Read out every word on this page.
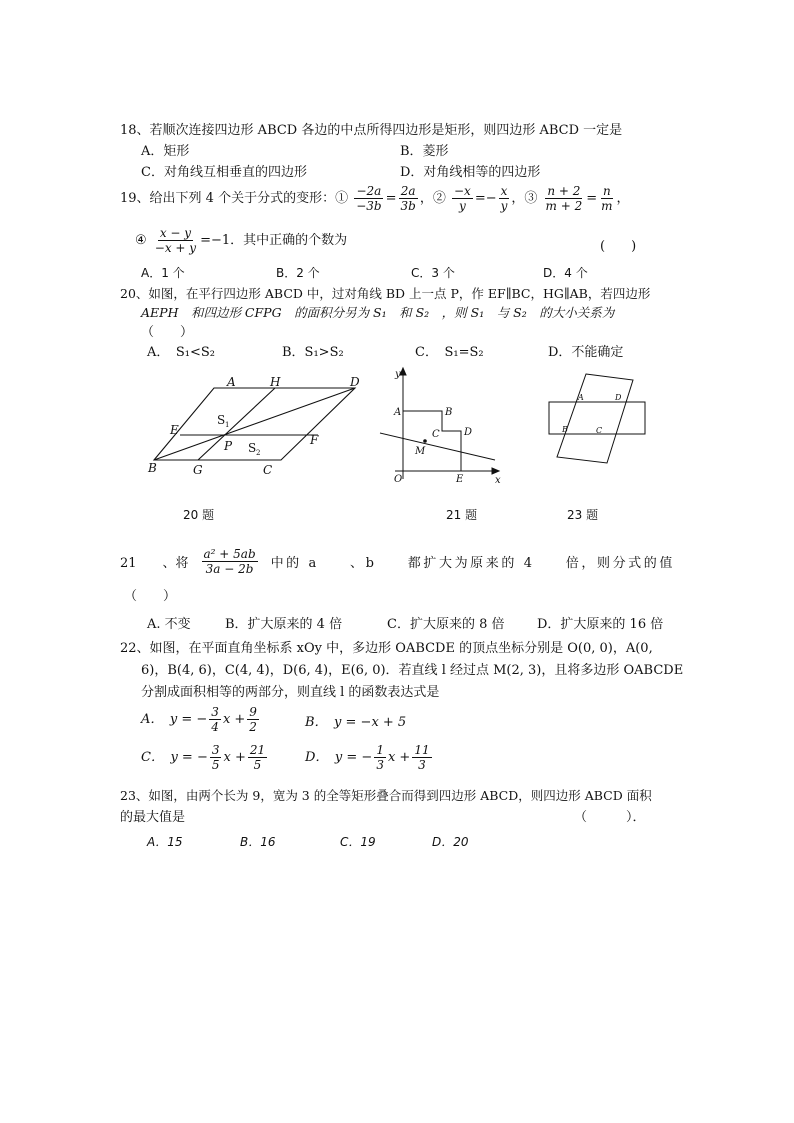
18、若顺次连接四边形 ABCD 各边的中点所得四边形是矩形，则四边形 ABCD 一定是
A．矩形	B．菱形
C．对角线互相垂直的四边形	D．对角线相等的四边形
19、给出下列 4 个关于分式的变形：① $\frac{-2a}{-3b} = \frac{2a}{3b}$ ，② $\frac{-x}{y} =- \frac{x}{y}$ ，③ $\frac{n + 2}{m + 2} = \frac{n}{m}$ ，
④ $\frac{x - y}{-x + y} =-1$．其中正确的个数为	(　　)
A．1 个	B．2 个	C．3 个	D．4 个
20、如图，在平行四边形 ABCD 中，过对角线 BD 上一点 P，作 EF∥BC，HG∥AB，若四边形
AEPH　和四边形 CFPG　的面积分另为 S₁　和 S₂　，则 S₁　与 S₂　的大小关系为
（　　）
A．　S₁<S₂	B．S₁>S₂	C．　S₁=S₂	D．不能确定
A	H	D
E
F
P
B	G	C
S 1
S 2
20 题
y
x
O
A	B
C D
E
M
21 题
A	D
B	C
23 题
21　　、将 $\frac{\text{a² + 5ab}}{3a - 2b}$ 中的 a　　、b　　都扩大为原来的 4　　倍，则分式的值
（　　）
A. 不变	B．扩大原来的 4 倍	C．扩大原来的 8 倍	D．扩大原来的 16 倍
22、如图，在平面直角坐标系 xOy 中，多边形 OABCDE 的顶点坐标分别是 O(0, 0)，A(0,
6)，B(4, 6)，C(4, 4)，D(6, 4)，E(6, 0)．若直线 l 经过点 M(2, 3)，且将多边形 OABCDE
分割成面积相等的两部分，则直线 l 的函数表达式是
A．　y = − $\frac{3}{4}$ $x + \frac{9}{2}$	B．　y = −x + 5
C．　y = − $\frac{3}{5}$ $x + \frac{21}{5}$	D．　y = − $\frac{1}{3}$ $x + \frac{11}{3}$
23、如图，由两个长为 9，宽为 3 的全等矩形叠合而得到四边形 ABCD，则四边形 ABCD 面积
的最大值是	（　　　）．
A．15	B．16	C．19	D．20
